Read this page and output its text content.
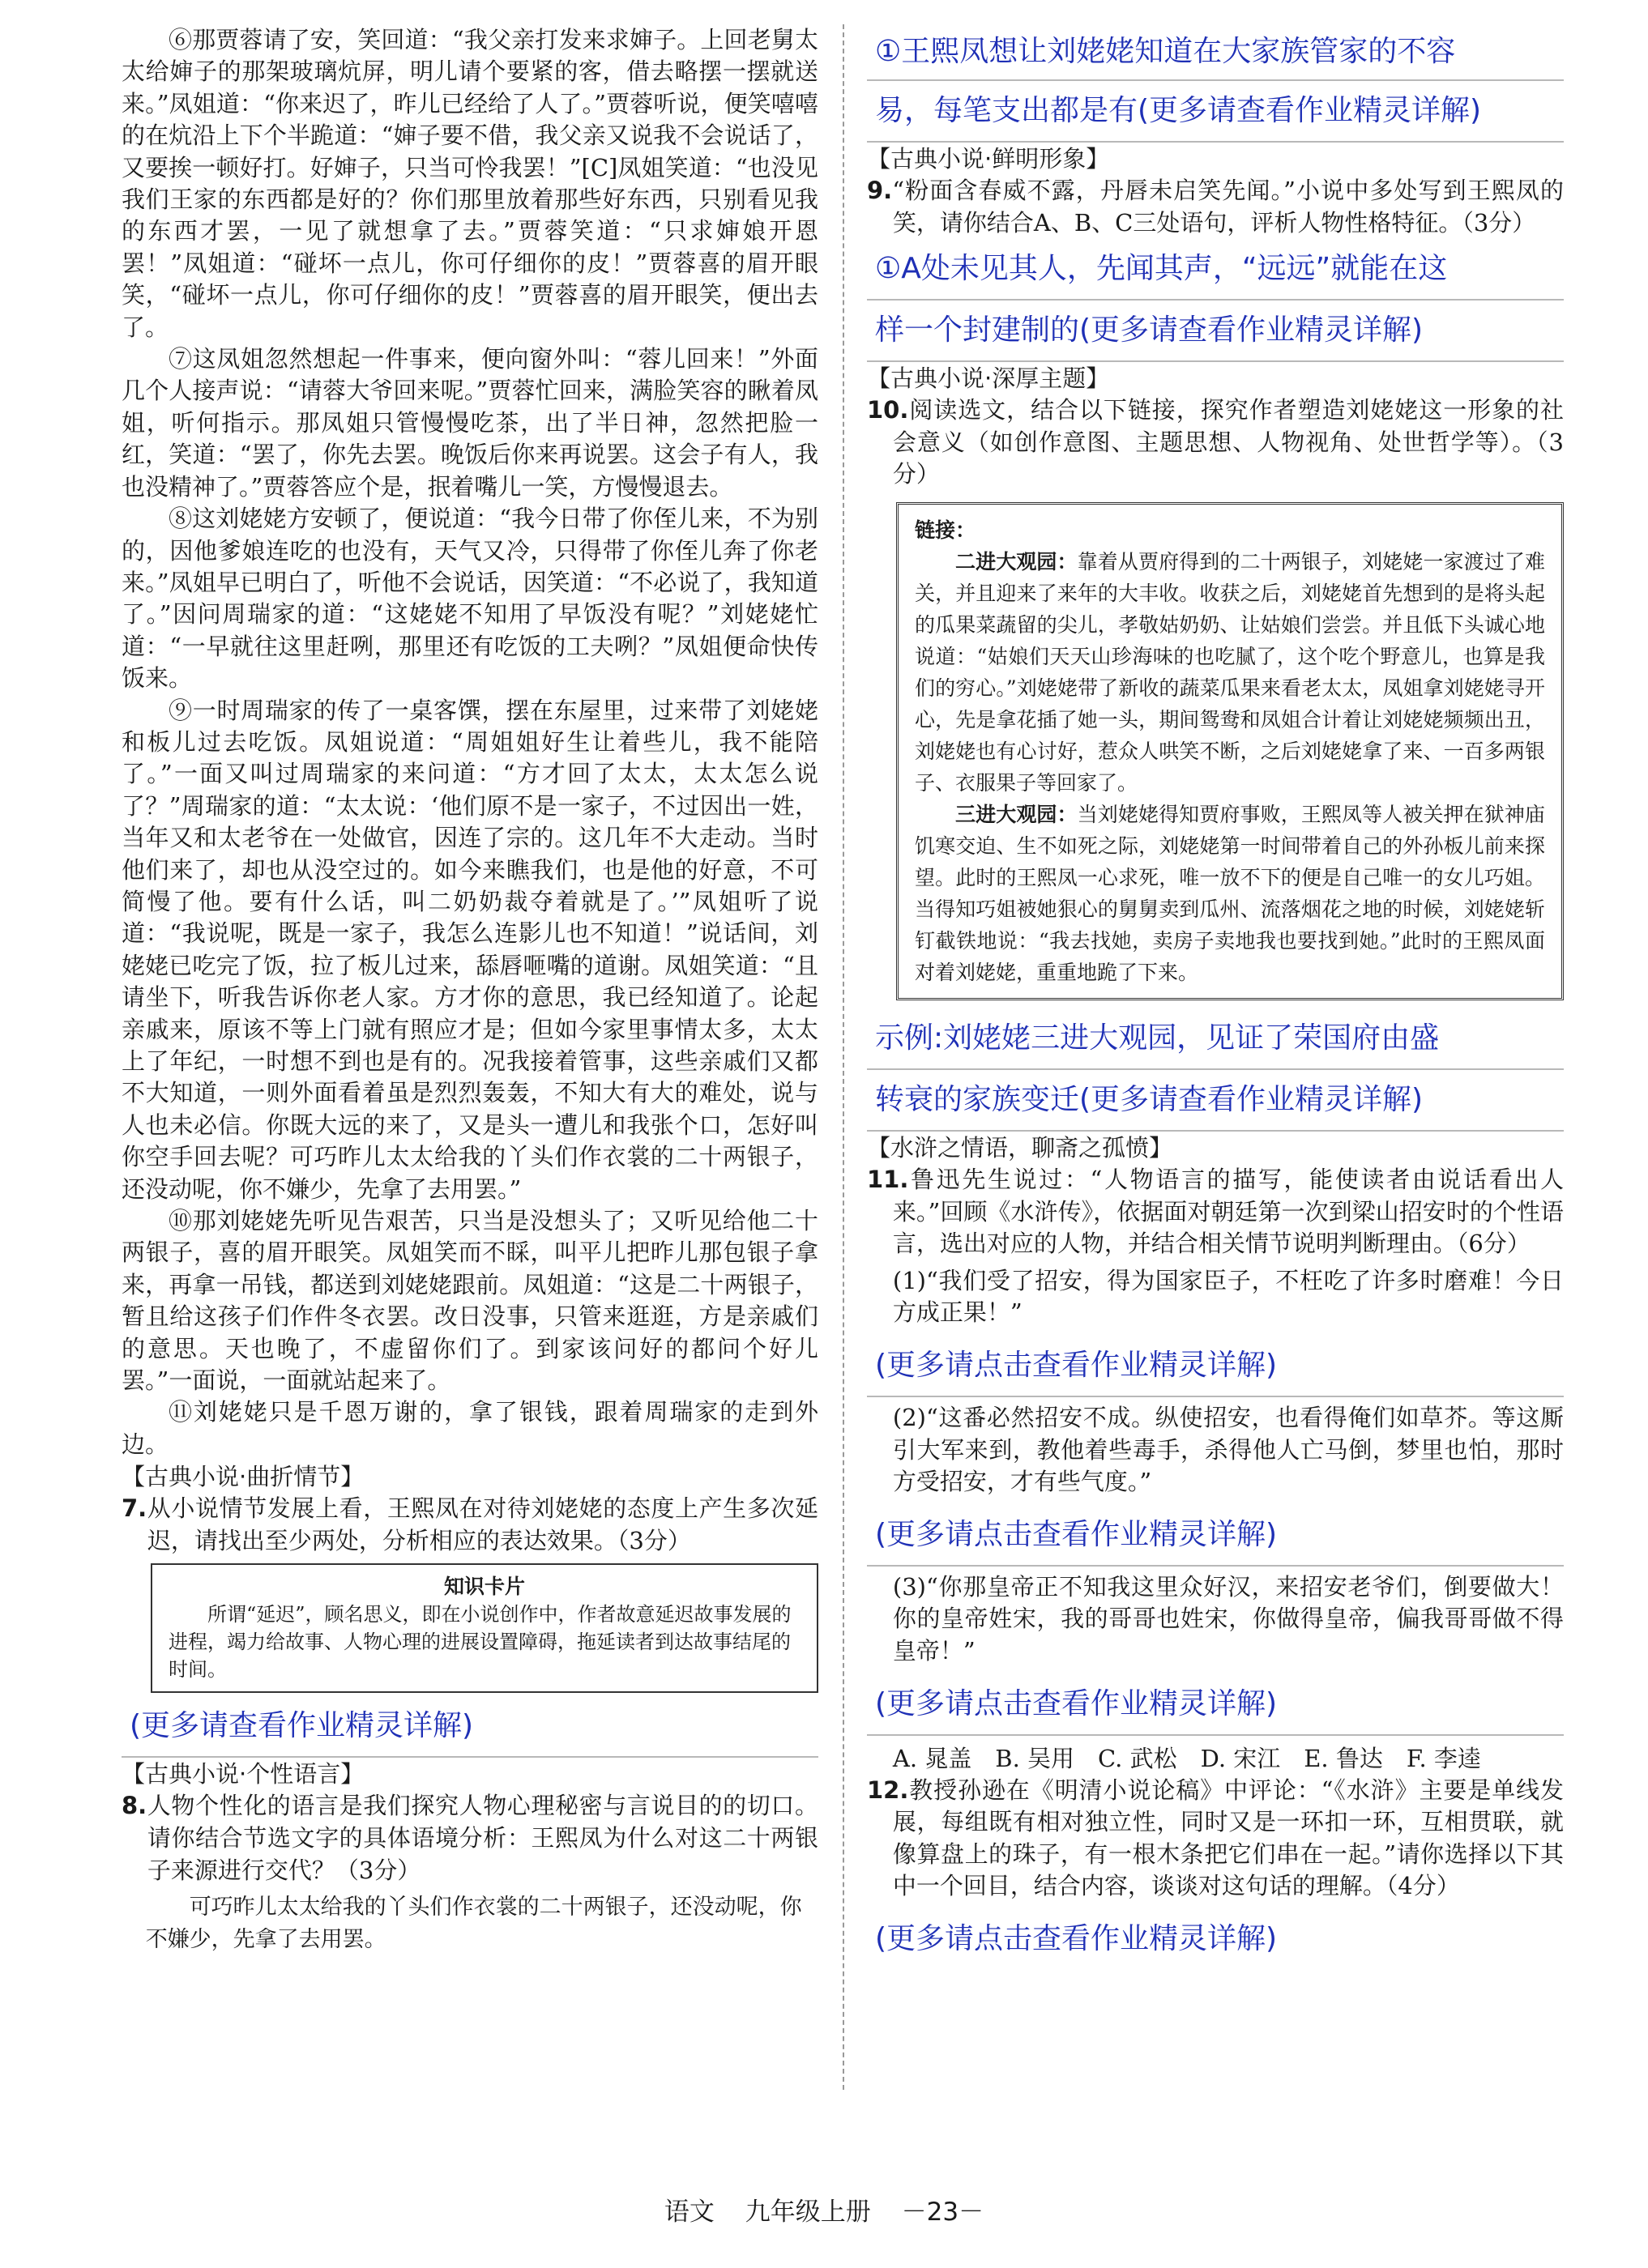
⑥那贾蓉请了安，笑回道：“我父亲打发来求婶子。上回老舅太太给婶子的那架玻璃炕屏，明儿请个要紧的客，借去略摆一摆就送来。”凤姐道：“你来迟了，昨儿已经给了人了。”贾蓉听说，便笑嘻嘻的在炕沿上下个半跪道：“婶子要不借，我父亲又说我不会说话了，又要挨一顿好打。好婶子，只当可怜我罢！”[C]凤姐笑道：“也没见我们王家的东西都是好的？你们那里放着那些好东西，只别看见我的东西才罢，一见了就想拿了去。”贾蓉笑道：“只求婶娘开恩罢！”凤姐道：“碰坏一点儿，你可仔细你的皮！”贾蓉喜的眉开眼笑，“碰坏一点儿，你可仔细你的皮！”贾蓉喜的眉开眼笑，便出去了。

⑦这凤姐忽然想起一件事来，便向窗外叫：“蓉儿回来！”外面几个人接声说：“请蓉大爷回来呢。”贾蓉忙回来，满脸笑容的瞅着凤姐，听何指示。那凤姐只管慢慢吃茶，出了半日神，忽然把脸一红，笑道：“罢了，你先去罢。晚饭后你来再说罢。这会子有人，我也没精神了。”贾蓉答应个是，抿着嘴儿一笑，方慢慢退去。

⑧这刘姥姥方安顿了，便说道：“我今日带了你侄儿来，不为别的，因他爹娘连吃的也没有，天气又冷，只得带了你侄儿奔了你老来。”凤姐早已明白了，听他不会说话，因笑道：“不必说了，我知道了。”因问周瑞家的道：“这姥姥不知用了早饭没有呢？”刘姥姥忙道：“一早就往这里赶咧，那里还有吃饭的工夫咧？”凤姐便命快传饭来。

⑨一时周瑞家的传了一桌客馔，摆在东屋里，过来带了刘姥姥和板儿过去吃饭。凤姐说道：“周姐姐好生让着些儿，我不能陪了。”一面又叫过周瑞家的来问道：“方才回了太太，太太怎么说了？”周瑞家的道：“太太说：‘他们原不是一家子，不过因出一姓，当年又和太老爷在一处做官，因连了宗的。这几年不大走动。当时他们来了，却也从没空过的。如今来瞧我们，也是他的好意，不可简慢了他。要有什么话，叫二奶奶裁夺着就是了。’”凤姐听了说道：“我说呢，既是一家子，我怎么连影儿也不知道！”说话间，刘姥姥已吃完了饭，拉了板儿过来，舔唇咂嘴的道谢。凤姐笑道：“且请坐下，听我告诉你老人家。方才你的意思，我已经知道了。论起亲戚来，原该不等上门就有照应才是；但如今家里事情太多，太太上了年纪，一时想不到也是有的。况我接着管事，这些亲戚们又都不大知道，一则外面看着虽是烈烈轰轰，不知大有大的难处，说与人也未必信。你既大远的来了，又是头一遭儿和我张个口，怎好叫你空手回去呢？可巧昨儿太太给我的丫头们作衣裳的二十两银子，还没动呢，你不嫌少，先拿了去用罢。”

⑩那刘姥姥先听见告艰苦，只当是没想头了；又听见给他二十两银子，喜的眉开眼笑。凤姐笑而不睬，叫平儿把昨儿那包银子拿来，再拿一吊钱，都送到刘姥姥跟前。凤姐道：“这是二十两银子，暂且给这孩子们作件冬衣罢。改日没事，只管来逛逛，方是亲戚们的意思。天也晚了，不虚留你们了。到家该问好的都问个好儿罢。”一面说，一面就站起来了。

⑪刘姥姥只是千恩万谢的，拿了银钱，跟着周瑞家的走到外边。

【古典小说·曲折情节】

7.从小说情节发展上看，王熙凤在对待刘姥姥的态度上产生多次延迟，请找出至少两处，分析相应的表达效果。（3分）

知识卡片
所谓“延迟”，顾名思义，即在小说创作中，作者故意延迟故事发展的进程，竭力给故事、人物心理的进展设置障碍，拖延读者到达故事结尾的时间。

(更多请查看作业精灵详解)

【古典小说·个性语言】

8.人物个性化的语言是我们探究人物心理秘密与言说目的的切口。请你结合节选文字的具体语境分析：王熙凤为什么对这二十两银子来源进行交代？（3分）

可巧昨儿太太给我的丫头们作衣裳的二十两银子，还没动呢，你不嫌少，先拿了去用罢。

①王熙凤想让刘姥姥知道在大家族管家的不容

易，每笔支出都是有(更多请查看作业精灵详解)

【古典小说·鲜明形象】

9.“粉面含春威不露，丹唇未启笑先闻。”小说中多处写到王熙凤的笑，请你结合A、B、C三处语句，评析人物性格特征。（3分）

①A处未见其人，先闻其声，“远远”就能在这

样一个封建制的(更多请查看作业精灵详解)

【古典小说·深厚主题】

10.阅读选文，结合以下链接，探究作者塑造刘姥姥这一形象的社会意义（如创作意图、主题思想、人物视角、处世哲学等）。（3分）

链接：

二进大观园：靠着从贾府得到的二十两银子，刘姥姥一家渡过了难关，并且迎来了来年的大丰收。收获之后，刘姥姥首先想到的是将头起的瓜果菜蔬留的尖儿，孝敬姑奶奶、让姑娘们尝尝。并且低下头诚心地说道：“姑娘们天天山珍海味的也吃腻了，这个吃个野意儿，也算是我们的穷心。”刘姥姥带了新收的蔬菜瓜果来看老太太，凤姐拿刘姥姥寻开心，先是拿花插了她一头，期间鸳鸯和凤姐合计着让刘姥姥频频出丑，刘姥姥也有心讨好，惹众人哄笑不断，之后刘姥姥拿了来、一百多两银子、衣服果子等回家了。

三进大观园：当刘姥姥得知贾府事败，王熙凤等人被关押在狱神庙饥寒交迫、生不如死之际，刘姥姥第一时间带着自己的外孙板儿前来探望。此时的王熙凤一心求死，唯一放不下的便是自己唯一的女儿巧姐。当得知巧姐被她狠心的舅舅卖到瓜州、流落烟花之地的时候，刘姥姥斩钉截铁地说：“我去找她，卖房子卖地我也要找到她。”此时的王熙凤面对着刘姥姥，重重地跪了下来。

示例:刘姥姥三进大观园，见证了荣国府由盛

转衰的家族变迁(更多请查看作业精灵详解)

【水浒之情语，聊斋之孤愤】

11.鲁迅先生说过：“人物语言的描写，能使读者由说话看出人来。”回顾《水浒传》，依据面对朝廷第一次到梁山招安时的个性语言，选出对应的人物，并结合相关情节说明判断理由。（6分）

(1)“我们受了招安，得为国家臣子，不枉吃了许多时磨难！今日方成正果！”

(更多请点击查看作业精灵详解)

(2)“这番必然招安不成。纵使招安，也看得俺们如草芥。等这厮引大军来到，教他着些毒手，杀得他人亡马倒，梦里也怕，那时方受招安，才有些气度。”

(更多请点击查看作业精灵详解)

(3)“你那皇帝正不知我这里众好汉，来招安老爷们，倒要做大！你的皇帝姓宋，我的哥哥也姓宋，你做得皇帝，偏我哥哥做不得皇帝！”

(更多请点击查看作业精灵详解)

A. 晁盖　B. 吴用　C. 武松　D. 宋江　E. 鲁达　F. 李逵

12.教授孙逊在《明清小说论稿》中评论：“《水浒》主要是单线发展，每组既有相对独立性，同时又是一环扣一环，互相贯联，就像算盘上的珠子，有一根木条把它们串在一起。”请你选择以下其中一个回目，结合内容，谈谈对这句话的理解。（4分）

(更多请点击查看作业精灵详解)

语文 九年级上册 －23－
